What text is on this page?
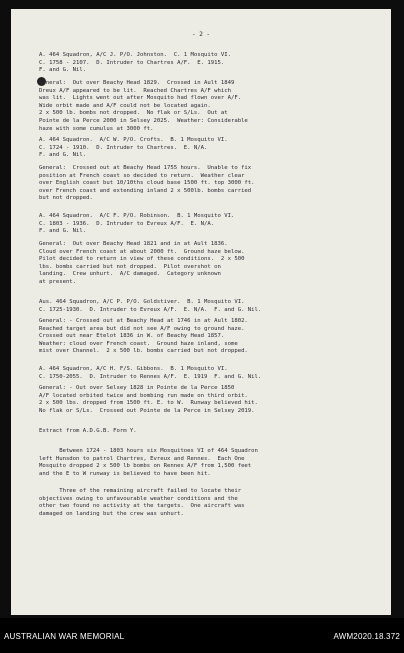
- 2 -
A. 464 Squadron, A/C J. P/O. Johnston.  C. 1 Mosquito VI.
C. 1758 - 2107.  D. Intruder to Chartres A/F.  E. 1915.
F. and G. Nil.
General:  Out over Beachy Head 1829.  Crossed in Ault 1849
Dreux A/F appeared to be lit.  Reached Chartres A/F which
was lit.  Lights went out after Mosquito had flown over A/F.
Wide orbit made and A/F could not be located again.
2 x 500 lb. bombs not dropped.  No flak or S/Ls.  Out at
Pointe de la Perce 2000 in Selsey 2025.  Weather: Considerable
haze with some cumulus at 3000 ft.
A. 464 Squadron.  A/C W. P/O. Crofts.  B. 1 Mosquito VI.
C. 1724 - 1910.  D. Intruder to Chartres.  E. N/A.
F. and G. Nil.
General:  Crossed out at Beachy Head 1755 hours.  Unable to fix
position at French coast so decided to return.  Weather clear
over English coast but 10/10ths cloud base 1500 ft. top 3000 ft.
over French coast and extending inland 2 x 500lb. bombs carried
but not dropped.
A. 464 Squadron.  A/C F. P/O. Robinson.  B. 1 Mosquito VI.
C. 1803 - 1936.  D. Intruder to Evreux A/F.  E. N/A.
F. and G. Nil.
General:  Out over Beachy Head 1821 and in at Ault 1836.
Cloud over French coast at about 2000 ft.  Ground haze below.
Pilot decided to return in view of these conditions.  2 x 500
lbs. bombs carried but not dropped.  Pilot overshot on
landing.  Crew unhurt.  A/C damaged.  Category unknown
at present.
Aus. 464 Squadron, A/C P. P/O. Goldstiver.  B. 1 Mosquito VI.
C. 1725-1930.  D. Intruder to Evreux A/F.  E. N/A.  F. and G. Nil.
General: - Crossed out at Beachy Head at 1746 in at Ault 1802.
Reached target area but did not see A/F owing to ground haze.
Crossed out near Etelot 1836 in W. of Beachy Head 1857.
Weather: cloud over French coast.  Ground haze inland, some
mist over Channel.  2 x 500 lb. bombs carried but not dropped.
A. 464 Squadron, A/C H. F/S. Gibbons.  B. 1 Mosquito VI.
C. 1750-2055.  D. Intruder to Rennes A/F.  E. 1919  F. and G. Nil.
General: - Out over Selsey 1828 in Pointe de la Perce 1850
A/F located orbited twice and bombing run made on third orbit.
2 x 500 lbs. dropped from 1500 ft. E. to W.  Runway believed hit.
No flak or S/Ls.  Crossed out Pointe de la Perce in Selsey 2019.
Extract from A.D.G.B. Form Y.
Between 1724 - 1803 hours six Mosquitoes VI of 464 Squadron
left Hunsdon to patrol Chartres, Evreux and Rennes.  Each One
Mosquito dropped 2 x 500 lb bombs on Rennes A/F from 1,500 feet
and the E to W runway is believed to have been hit.
Three of the remaining aircraft failed to locate their
objectives owing to unfavourable weather conditions and the
other two found no activity at the targets.  One aircraft was
damaged on landing but the crew was unhurt.
AUSTRALIAN WAR MEMORIAL	AWM2020.18.372
